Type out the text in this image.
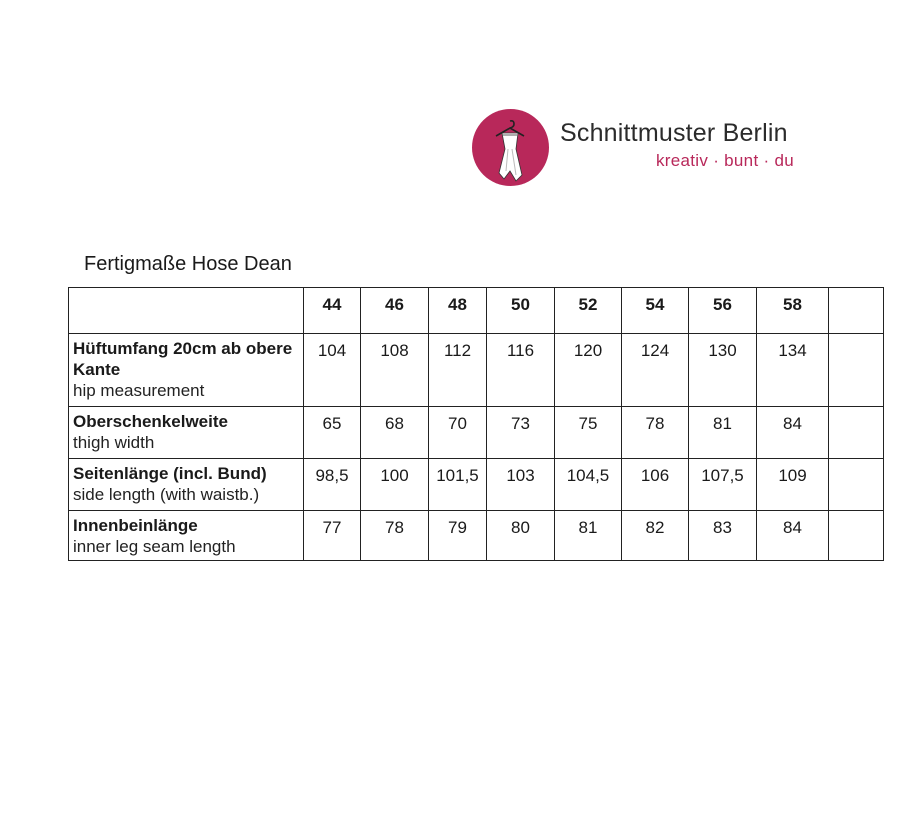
Schnittmuster Berlin
kreativ · bunt · du
Fertigmaße Hose Dean
	44	46	48	50	52	54	56	58	

Hüftumfang 20cm ab obere Kante
hip measurement	104	108	112	116	120	124	130	134	

Oberschenkelweite
thigh width	65	68	70	73	75	78	81	84	

Seitenlänge (incl. Bund)
side length (with waistb.)	98,5	100	101,5	103	104,5	106	107,5	109	

Innenbeinlänge
inner leg seam length	77	78	79	80	81	82	83	84	
